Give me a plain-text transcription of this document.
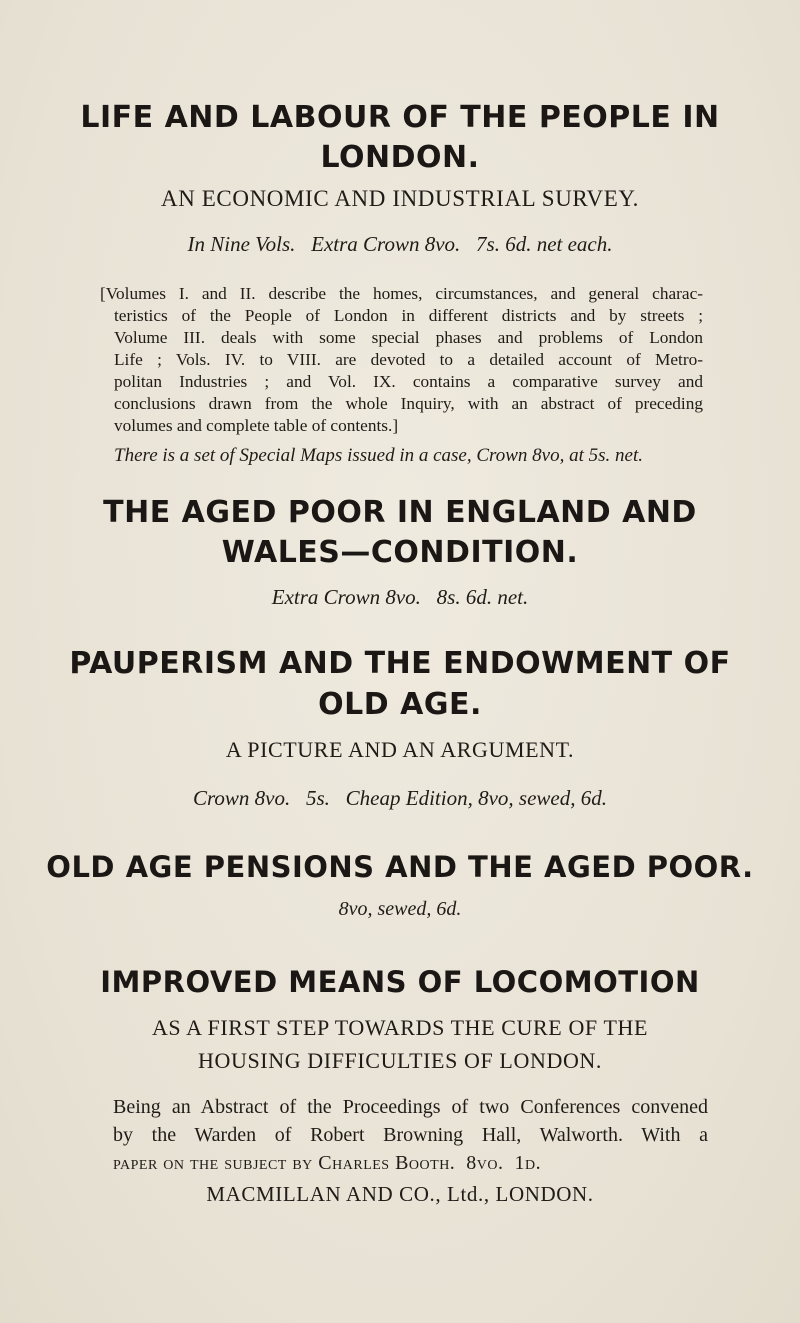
LIFE AND LABOUR OF THE PEOPLE IN
LONDON.
AN ECONOMIC AND INDUSTRIAL SURVEY.
In Nine Vols.   Extra Crown 8vo.   7s. 6d. net each.
[Volumes I. and II. describe the homes, circumstances, and general charac-
teristics of the People of London in different districts and by streets ;
Volume III. deals with some special phases and problems of London
Life ; Vols. IV. to VIII. are devoted to a detailed account of Metro-
politan Industries ; and Vol. IX. contains a comparative survey and
conclusions drawn from the whole Inquiry, with an abstract of preceding
volumes and complete table of contents.]
There is a set of Special Maps issued in a case, Crown 8vo, at 5s. net.
THE AGED POOR IN ENGLAND AND
WALES—CONDITION.
Extra Crown 8vo.   8s. 6d. net.
PAUPERISM AND THE ENDOWMENT OF
OLD AGE.
A PICTURE AND AN ARGUMENT.
Crown 8vo.   5s.   Cheap Edition, 8vo, sewed, 6d.
OLD AGE PENSIONS AND THE AGED POOR.
8vo, sewed, 6d.
IMPROVED MEANS OF LOCOMOTION
AS A FIRST STEP TOWARDS THE CURE OF THE
HOUSING DIFFICULTIES OF LONDON.
Being an Abstract of the Proceedings of two Conferences convened
by the Warden of Robert Browning Hall, Walworth. With a
paper on the subject by Charles Booth.  8vo.  1d.
MACMILLAN AND CO., Ltd., LONDON.
